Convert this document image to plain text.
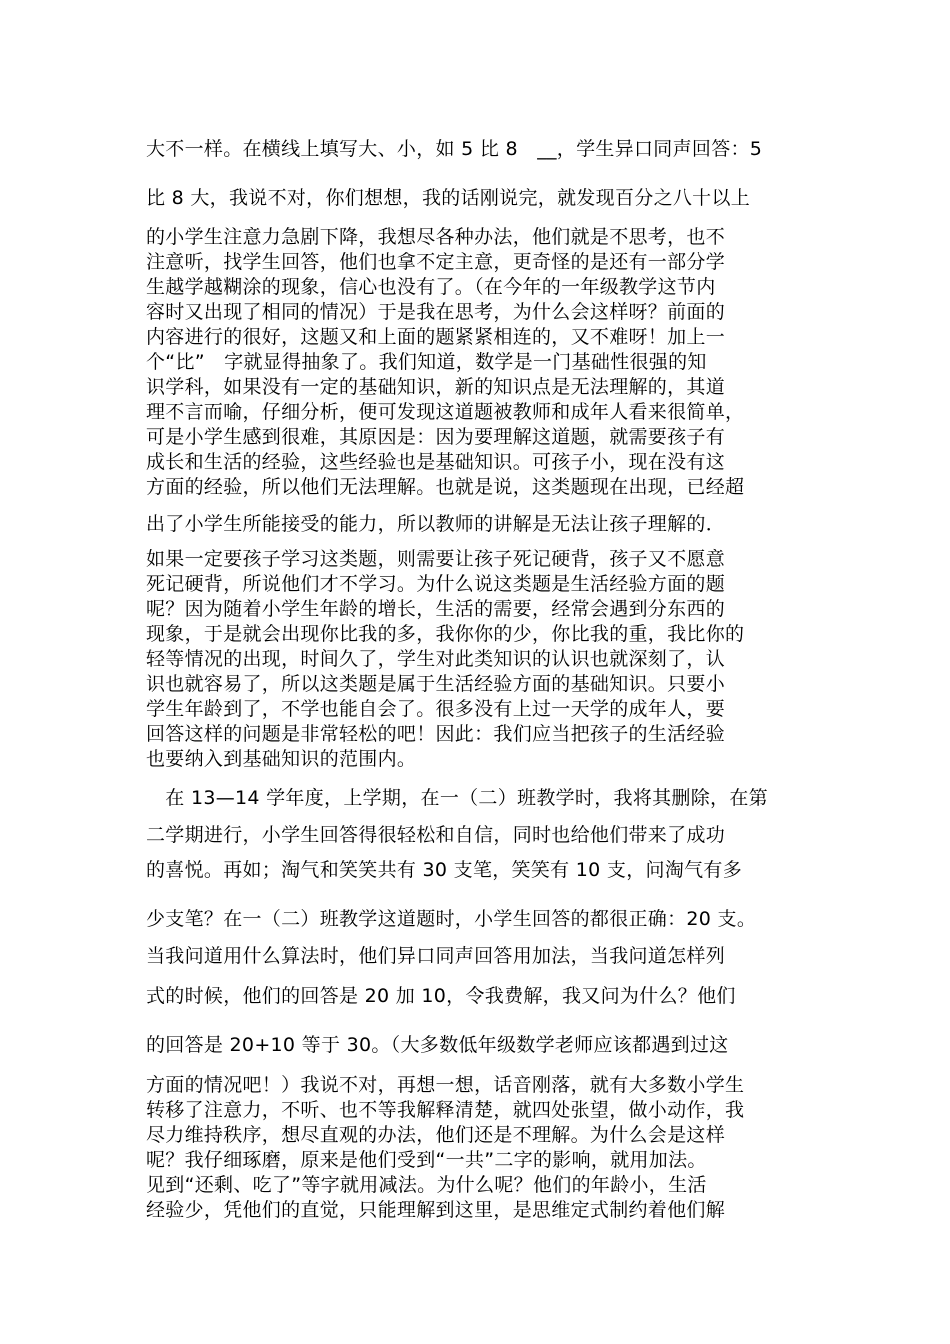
大不一样。在横线上填写大、小，如 5 比 8　__，学生异口同声回答：5
比 8 大，我说不对，你们想想，我的话刚说完，就发现百分之八十以上
的小学生注意力急剧下降，我想尽各种办法，他们就是不思考，也不
注意听，找学生回答，他们也拿不定主意，更奇怪的是还有一部分学
生越学越糊涂的现象，信心也没有了。（在今年的一年级教学这节内
容时又出现了相同的情况）于是我在思考，为什么会这样呀？前面的
内容进行的很好，这题又和上面的题紧紧相连的，又不难呀！加上一
个“比”　字就显得抽象了。我们知道，数学是一门基础性很强的知
识学科，如果没有一定的基础知识，新的知识点是无法理解的，其道
理不言而喻，仔细分析，便可发现这道题被教师和成年人看来很简单，
可是小学生感到很难，其原因是：因为要理解这道题，就需要孩子有
成长和生活的经验，这些经验也是基础知识。可孩子小，现在没有这
方面的经验，所以他们无法理解。也就是说，这类题现在出现，已经超
出了小学生所能接受的能力，所以教师的讲解是无法让孩子理解的．
如果一定要孩子学习这类题，则需要让孩子死记硬背，孩子又不愿意
死记硬背，所说他们才不学习。为什么说这类题是生活经验方面的题
呢？因为随着小学生年龄的增长，生活的需要，经常会遇到分东西的
现象，于是就会出现你比我的多，我你你的少，你比我的重，我比你的
轻等情况的出现，时间久了，学生对此类知识的认识也就深刻了，认
识也就容易了，所以这类题是属于生活经验方面的基础知识。只要小
学生年龄到了，不学也能自会了。很多没有上过一天学的成年人，要
回答这样的问题是非常轻松的吧！因此：我们应当把孩子的生活经验
也要纳入到基础知识的范围内。
　在 13—14 学年度，上学期，在一（二）班教学时，我将其删除，在第
二学期进行，小学生回答得很轻松和自信，同时也给他们带来了成功
的喜悦。再如；淘气和笑笑共有 30 支笔，笑笑有 10 支，问淘气有多
少支笔？在一（二）班教学这道题时，小学生回答的都很正确：20 支。
当我问道用什么算法时，他们异口同声回答用加法，当我问道怎样列
式的时候，他们的回答是 20 加 10，令我费解，我又问为什么？他们
的回答是 20+10 等于 30。（大多数低年级数学老师应该都遇到过这
方面的情况吧！）我说不对，再想一想，话音刚落，就有大多数小学生
转移了注意力，不听、也不等我解释清楚，就四处张望，做小动作，我
尽力维持秩序，想尽直观的办法，他们还是不理解。为什么会是这样
呢？我仔细琢磨，原来是他们受到“一共”二字的影响，就用加法。
见到“还剩、吃了”等字就用减法。为什么呢？他们的年龄小，生活
经验少，凭他们的直觉，只能理解到这里，是思维定式制约着他们解
